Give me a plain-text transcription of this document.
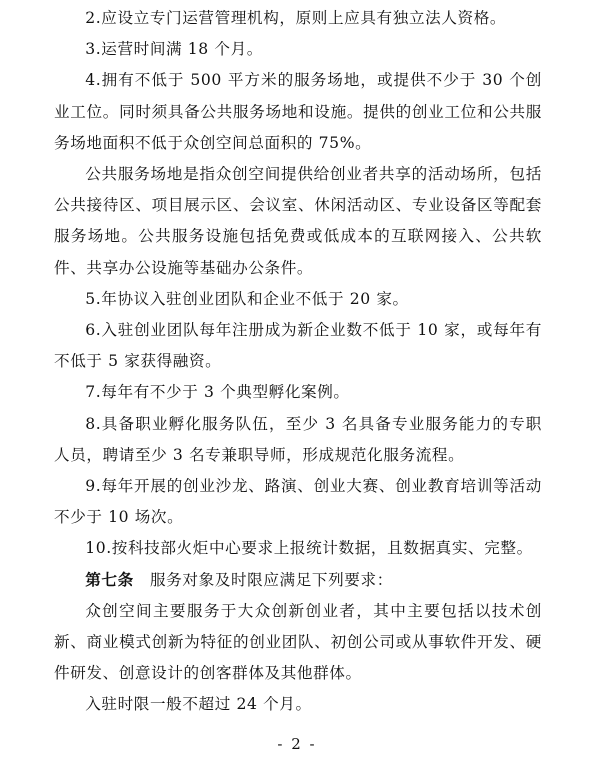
2.应设立专门运营管理机构，原则上应具有独立法人资格。

3.运营时间满 18 个月。

4.拥有不低于 500 平方米的服务场地，或提供不少于 30 个创业工位。同时须具备公共服务场地和设施。提供的创业工位和公共服务场地面积不低于众创空间总面积的 75%。

公共服务场地是指众创空间提供给创业者共享的活动场所，包括公共接待区、项目展示区、会议室、休闲活动区、专业设备区等配套服务场地。公共服务设施包括免费或低成本的互联网接入、公共软件、共享办公设施等基础办公条件。

5.年协议入驻创业团队和企业不低于 20 家。

6.入驻创业团队每年注册成为新企业数不低于 10 家，或每年有不低于 5 家获得融资。

7.每年有不少于 3 个典型孵化案例。

8.具备职业孵化服务队伍，至少 3 名具备专业服务能力的专职人员，聘请至少 3 名专兼职导师，形成规范化服务流程。

9.每年开展的创业沙龙、路演、创业大赛、创业教育培训等活动不少于 10 场次。

10.按科技部火炬中心要求上报统计数据，且数据真实、完整。

第七条　 服务对象及时限应满足下列要求：

众创空间主要服务于大众创新创业者，其中主要包括以技术创新、商业模式创新为特征的创业团队、初创公司或从事软件开发、硬件研发、创意设计的创客群体及其他群体。

入驻时限一般不超过 24 个月。

- 2 -
